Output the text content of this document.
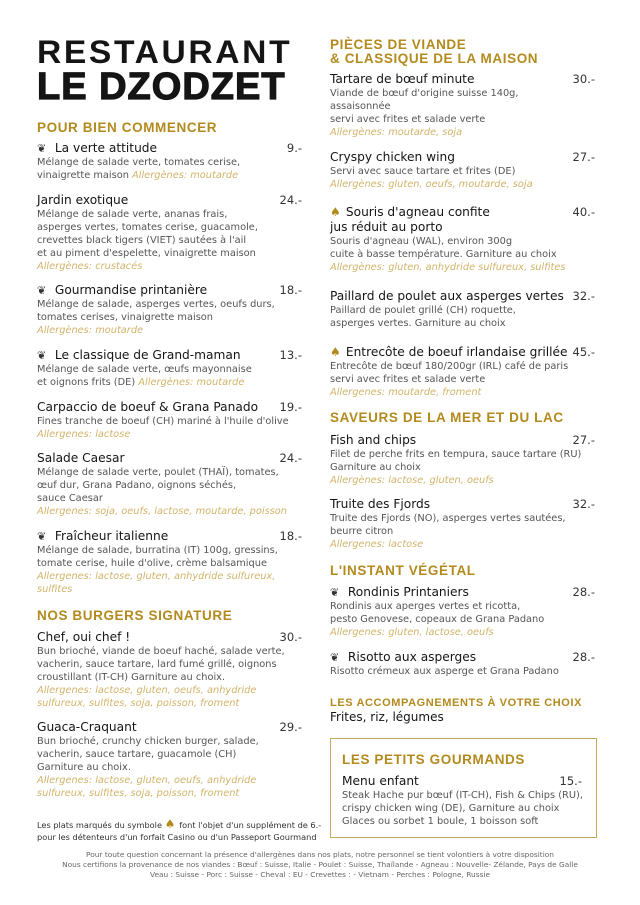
RESTAURANT
LE DZODZET
POUR BIEN COMMENCER
NOS BURGERS SIGNATURE
PIÈCES DE VIANDE
& CLASSIQUE DE LA MAISON
SAVEURS DE LA MER ET DU LAC
L'INSTANT VÉGÉTAL
LES ACCOMPAGNEMENTS À VOTRE CHOIX
Frites, riz, légumes
LES PETITS GOURMANDS
❦ La verte attitude	9.-
Mélange de salade verte, tomates cerise,
vinaigrette maison Allergènes: moutarde
Jardin exotique	24.-
Mélange de salade verte, ananas frais,
asperges vertes, tomates cerise, guacamole,
crevettes black tigers (VIET) sautées à l'ail
et au piment d'espelette, vinaigrette maison
Allergènes: crustacés
❦ Gourmandise printanière	18.-
Mélange de salade, asperges vertes, oeufs durs,
tomates cerises, vinaigrette maison
Allergènes: moutarde
❦ Le classique de Grand-maman	13.-
Mélange de salade verte, œufs mayonnaise
et oignons frits (DE) Allergènes: moutarde
Carpaccio de boeuf & Grana Panado 19.-
Fines tranche de boeuf (CH) mariné à l'huile d'olive
Allergenes: lactose
Salade Caesar	24.-
Mélange de salade verte, poulet (THAÏ), tomates,
œuf dur, Grana Padano, oignons séchés,
sauce Caesar
Allergenes: soja, oeufs, lactose, moutarde, poisson
❦ Fraîcheur italienne	18.-
Mélange de salade, burratina (IT) 100g, gressins,
tomate cerise, huile d'olive, crème balsamique
Allergenes: lactose, gluten, anhydride sulfureux,
sulfites
Chef, oui chef !	30.-
Bun brioché, viande de boeuf haché, salade verte,
vacherin, sauce tartare, lard fumé grillé, oignons
croustillant (IT-CH) Garniture au choix.
Allergenes: lactose, gluten, oeufs, anhydride
sulfureux, sulfites, soja, poisson, froment
Guaca-Craquant	29.-
Bun brioché, crunchy chicken burger, salade,
vacherin, sauce tartare, guacamole (CH)
Garniture au choix.
Allergenes: lactose, gluten, oeufs, anhydride
sulfureux, sulfites, soja, poisson, froment
Tartare de bœuf minute	30.-
Viande de bœuf d'origine suisse 140g,
assaisonnée
servi avec frites et salade verte
Allergènes: moutarde, soja
Cryspy chicken wing	27.-
Servi avec sauce tartare et frites (DE)
Allergènes: gluten, oeufs, moutarde, soja
♠ Souris d'agneau confite	40.-
jus réduit au porto
Souris d'agneau (WAL), environ 300g
cuite à basse température. Garniture au choix
Allergènes: gluten, anhydride sulfureux, sulfites
Paillard de poulet aux asperges vertes 32.-
Paillard de poulet grillé (CH) roquette,
asperges vertes. Garniture au choix
♠ Entrecôte de boeuf irlandaise grillée 45.-
Entrecôte de bœuf 180/200gr (IRL) café de paris
servi avec frites et salade verte
Allergenes: moutarde, froment
Fish and chips	27.-
Filet de perche frits en tempura, sauce tartare (RU)
Garniture au choix
Allergènes: lactose, gluten, oeufs
Truite des Fjords	32.-
Truite des Fjords (NO), asperges vertes sautées,
beurre citron
Allergenes: lactose
❦ Rondinis Printaniers	28.-
Rondinis aux aperges vertes et ricotta,
pesto Genovese, copeaux de Grana Padano
Allergenes: gluten, lactose, oeufs
❦ Risotto aux asperges	28.-
Risotto crémeux aux asperge et Grana Padano
Menu enfant	15.-
Steak Hache pur bœuf (IT-CH), Fish & Chips (RU),
crispy chicken wing (DE), Garniture au choix
Glaces ou sorbet 1 boule, 1 boisson soft
Les plats marqués du symbole ♠ font l'objet d'un supplément de 6.-
pour les détenteurs d'un forfait Casino ou d'un Passeport Gourmand
Pour toute question concernant la présence d'allergènes dans nos plats, notre personnel se tient volontiers à votre disposition
Nous certifions la provenance de nos viandes : Bœuf : Suisse, Italie - Poulet : Suisse, Thaïlande - Agneau : Nouvelle- Zélande, Pays de Galle
Veau : Suisse - Porc : Suisse - Cheval : EU - Crevettes : - Vietnam - Perches : Pologne, Russie
